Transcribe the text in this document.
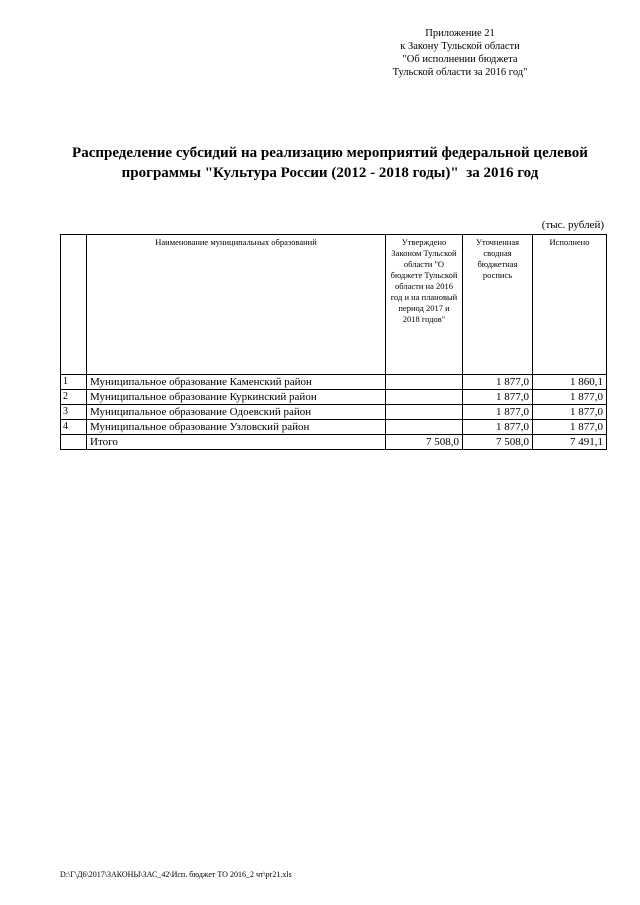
Приложение 21
к Закону Тульской области
"Об исполнении бюджета
Тульской области за 2016 год"
Распределение субсидий на реализацию мероприятий федеральной целевой
программы "Культура России (2012 - 2018 годы)"  за 2016 год
(тыс. рублей)
	Наименование муниципальных образований	Утверждено Законом Тульской области "О бюджете Тульской области на 2016 год и на плановый период 2017 и 2018 годов"	Уточненная сводная бюджетная роспись	Исполнено
1	Муниципальное образование Каменский район		1 877,0	1 860,1
2	Муниципальное образование Куркинский район		1 877,0	1 877,0
3	Муниципальное образование Одоевский район		1 877,0	1 877,0
4	Муниципальное образование Узловский район		1 877,0	1 877,0
	Итого	7 508,0	7 508,0	7 491,1
D:\Г\Д6\2017\ЗАКОНЫ\ЗАС_42\Исп. бюджет ТО 2016_2 чт\pr21.xls
